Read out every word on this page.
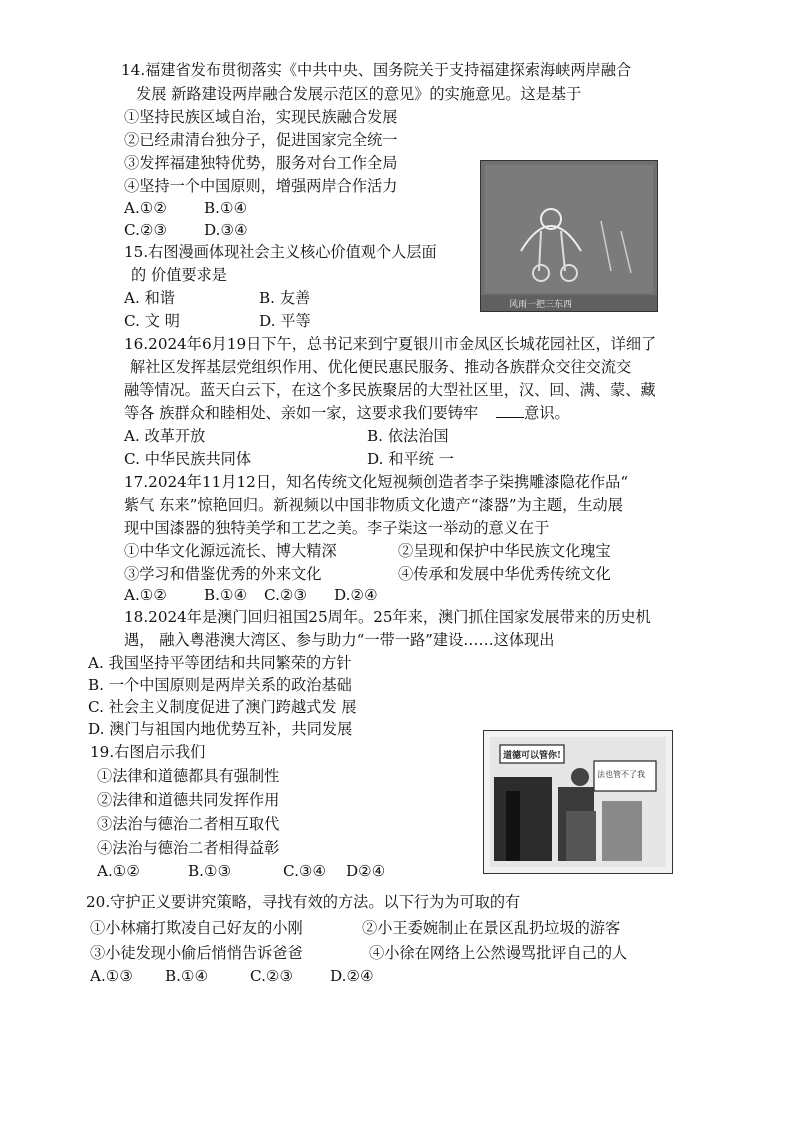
14.福建省发布贯彻落实《中共中央、国务院关于支持福建探索海峡两岸融合
发展 新路建设两岸融合发展示范区的意见》的实施意见。这是基于
①坚持民族区域自治，实现民族融合发展
②已经肃清台独分子，促进国家完全统一
③发挥福建独特优势，服务对台工作全局
④坚持一个中国原则，增强两岸合作活力
A.①② B.①④
C.②③ D.③④
风雨一把三东西
15.右图漫画体现社会主义核心价值观个人层面
的 价值要求是
A. 和谐	B. 友善
C. 文 明	D. 平等
16.2024年6月19日下午，总书记来到宁夏银川市金凤区长城花园社区，详细了
解社区发挥基层党组织作用、优化便民惠民服务、推动各族群众交往交流交
融等情况。蓝天白云下，在这个多民族聚居的大型社区里，汉、回、满、蒙、藏
等各 族群众和睦相处、亲如一家，这要求我们要铸牢	意识。
A. 改革开放	B. 依法治国
C. 中华民族共同体	D. 和平统 一
17.2024年11月12日，知名传统文化短视频创造者李子柒携雕漆隐花作品“
紫气 东来”惊艳回归。新视频以中国非物质文化遗产“漆器”为主题，生动展
现中国漆器的独特美学和工艺之美。李子柒这一举动的意义在于
①中华文化源远流长、博大精深	②呈现和保护中华民族文化瑰宝
③学习和借鉴优秀的外来文化	④传承和发展中华优秀传统文化
A.①② B.①④ C.②③ D.②④
18.2024年是澳门回归祖国25周年。25年来，澳门抓住国家发展带来的历史机
遇， 融入粤港澳大湾区、参与助力“一带一路”建设……这体现出
A. 我国坚持平等团结和共同繁荣的方针
B. 一个中国原则是两岸关系的政治基础
C. 社会主义制度促进了澳门跨越式发 展
D. 澳门与祖国内地优势互补，共同发展
道德可以管你!
法也管不了我
19.右图启示我们
①法律和道德都具有强制性
②法律和道德共同发挥作用
③法治与德治二者相互取代
④法治与德治二者相得益彰
A.①②	B.①③	C.③④ D②④
20.守护正义要讲究策略，寻找有效的方法。以下行为为可取的有
①小林痛打欺凌自己好友的小刚	②小王委婉制止在景区乱扔垃圾的游客
③小徒发现小偷后悄悄告诉爸爸	④小徐在网络上公然谩骂批评自己的人
A.①③ B.①④	C.②③ D.②④
